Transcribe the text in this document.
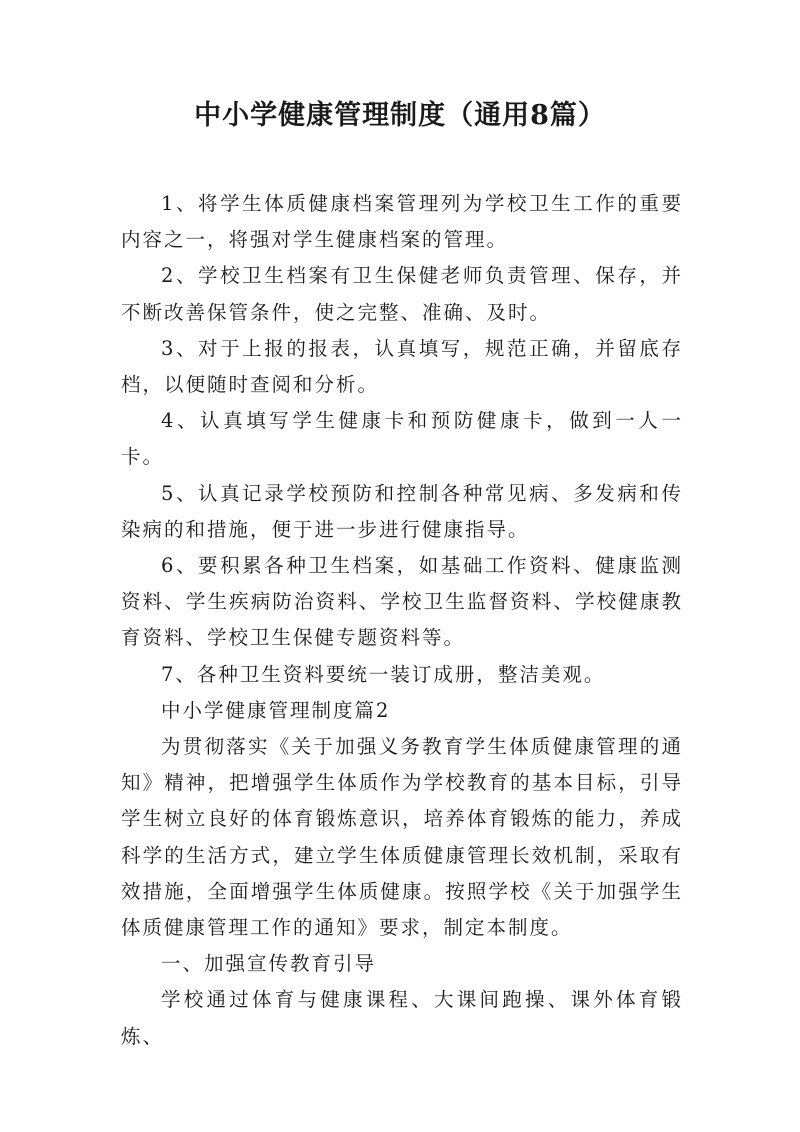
中小学健康管理制度（通用8篇）

1、将学生体质健康档案管理列为学校卫生工作的重要内容之一，将强对学生健康档案的管理。

2、学校卫生档案有卫生保健老师负责管理、保存，并不断改善保管条件，使之完整、准确、及时。

3、对于上报的报表，认真填写，规范正确，并留底存档，以便随时查阅和分析。

4、认真填写学生健康卡和预防健康卡，做到一人一卡。

5、认真记录学校预防和控制各种常见病、多发病和传染病的和措施，便于进一步进行健康指导。

6、要积累各种卫生档案，如基础工作资料、健康监测资料、学生疾病防治资料、学校卫生监督资料、学校健康教育资料、学校卫生保健专题资料等。

7、各种卫生资料要统一装订成册，整洁美观。

中小学健康管理制度篇2

为贯彻落实《关于加强义务教育学生体质健康管理的通知》精神，把增强学生体质作为学校教育的基本目标，引导学生树立良好的体育锻炼意识，培养体育锻炼的能力，养成科学的生活方式，建立学生体质健康管理长效机制，采取有效措施，全面增强学生体质健康。按照学校《关于加强学生体质健康管理工作的通知》要求，制定本制度。

一、加强宣传教育引导

学校通过体育与健康课程、大课间跑操、课外体育锻炼、
